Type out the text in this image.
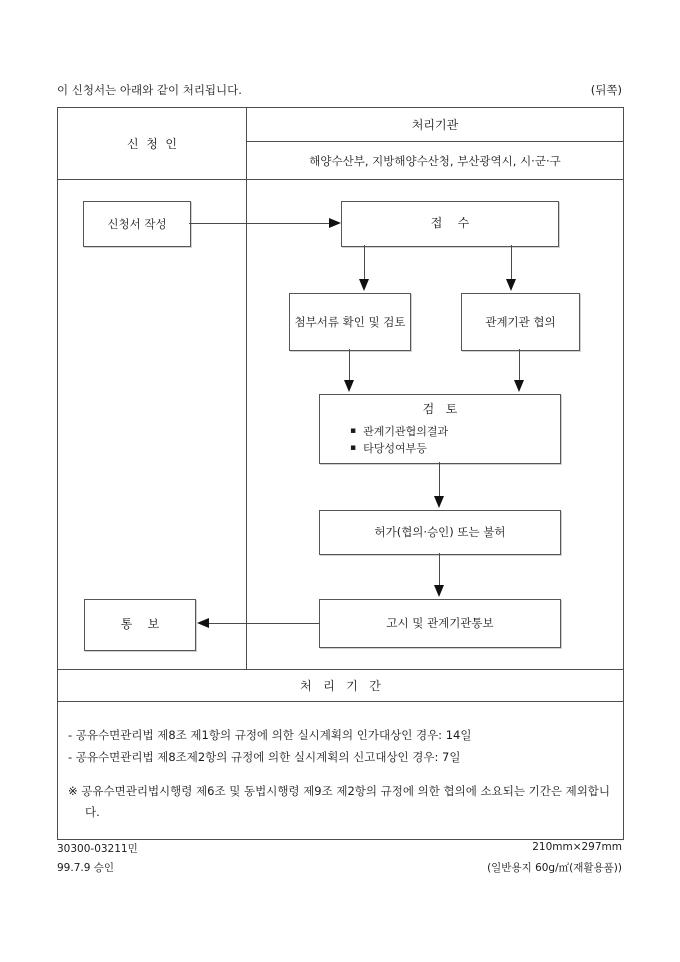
이 신청서는 아래와 같이 처리됩니다.	(뒤쪽)
신  청  인
처리기관
해양수산부, 지방해양수산청, 부산광역시, 시·군·구
신청서 작성	접    수
첨부서류 확인 및 검토	관계기관 협의
검   토
▪ 관계기관협의결과
▪ 타당성여부등
허가(협의·승인) 또는 불허
고시 및 관계기관통보
통    보
처   리   기   간
- 공유수면관리법 제8조 제1항의 규정에 의한 실시계획의 인가대상인 경우: 14일
- 공유수면관리법 제8조제2항의 규정에 의한 실시계획의 신고대상인 경우: 7일
※ 공유수면관리법시행령 제6조 및 동법시행령 제9조 제2항의 규정에 의한 협의에 소요되는 기간은 제외합니다.
30300-03211민	210mm×297mm
99.7.9 승인	(일반용지 60g/㎡(재활용품))
